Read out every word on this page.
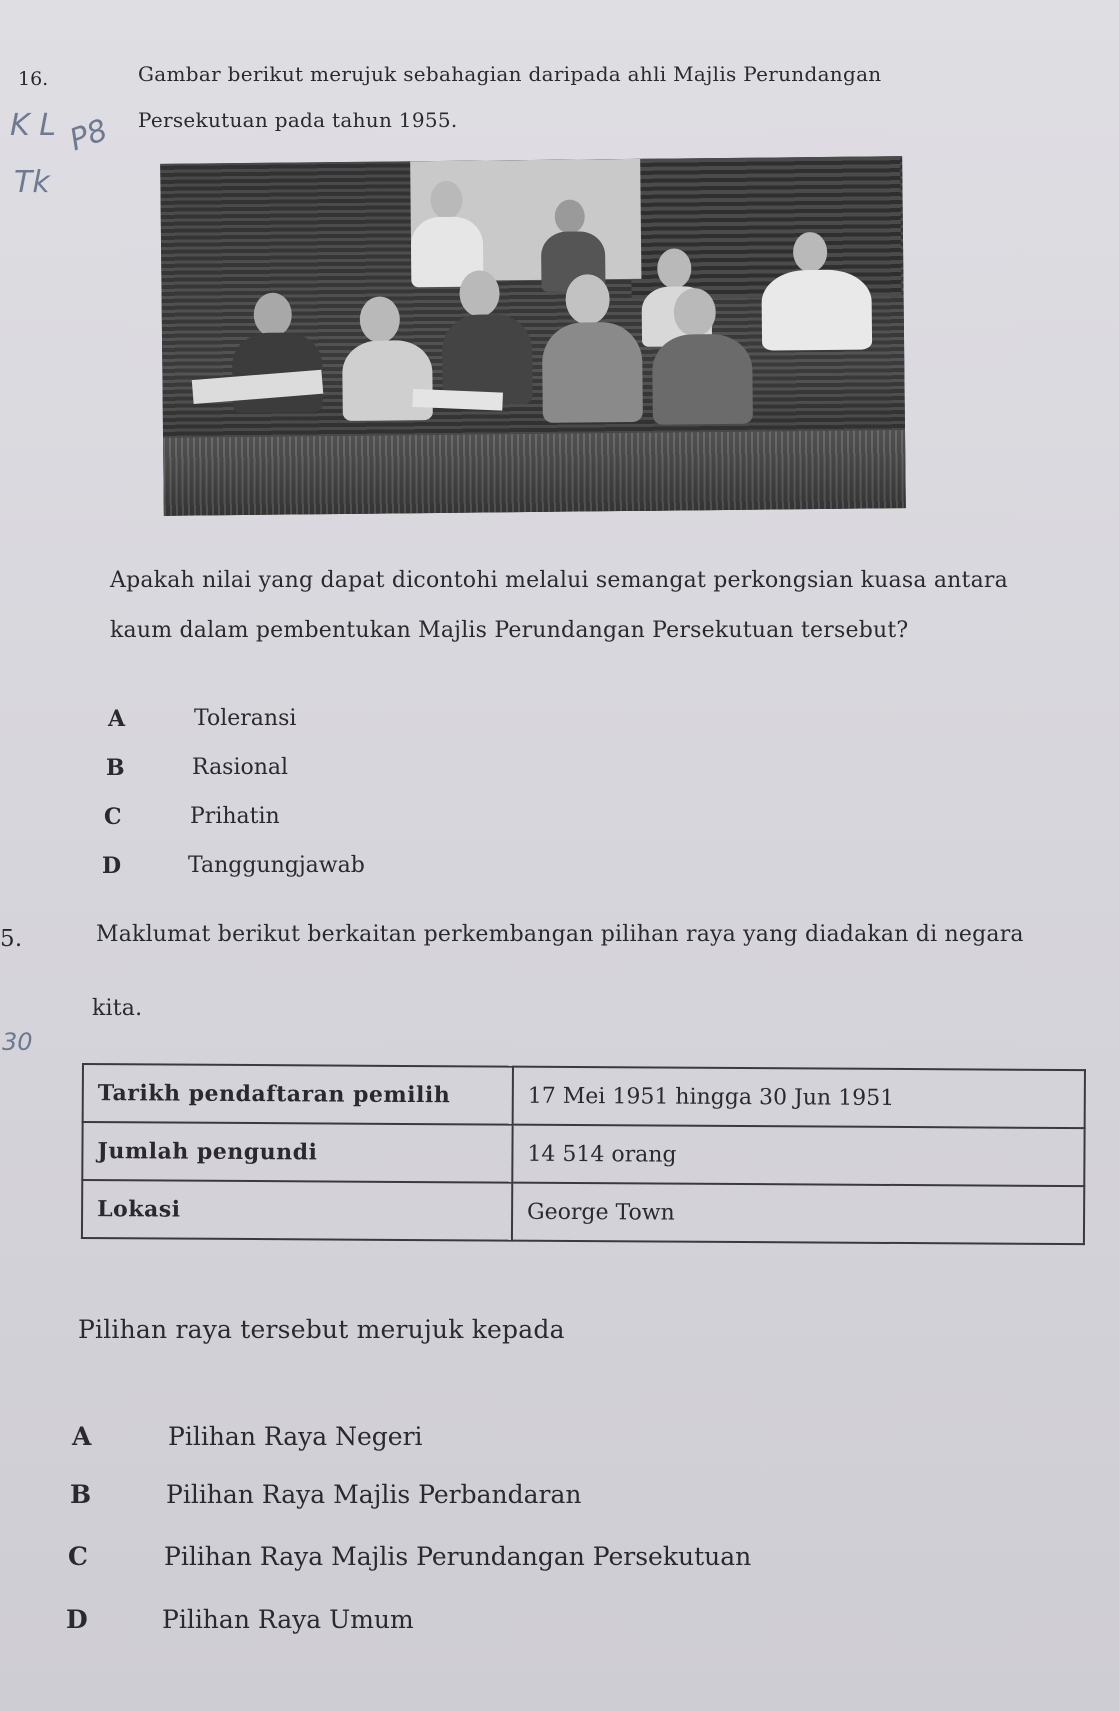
K L P8
Tk
30
16.	Gambar berikut merujuk sebahagian daripada ahli Majlis Perundangan
Persekutuan pada tahun 1955.
Apakah nilai yang dapat dicontohi melalui semangat perkongsian kuasa antara
kaum dalam pembentukan Majlis Perundangan Persekutuan tersebut?
A	Toleransi
B	Rasional
C	Prihatin
D	Tanggungjawab
5.	Maklumat berikut berkaitan perkembangan pilihan raya yang diadakan di negara
kita.
Tarikh pendaftaran pemilih	17 Mei 1951 hingga 30 Jun 1951
Jumlah pengundi	14 514 orang
Lokasi	George Town
Pilihan raya tersebut merujuk kepada
A	Pilihan Raya Negeri
B	Pilihan Raya Majlis Perbandaran
C	Pilihan Raya Majlis Perundangan Persekutuan
D	Pilihan Raya Umum
